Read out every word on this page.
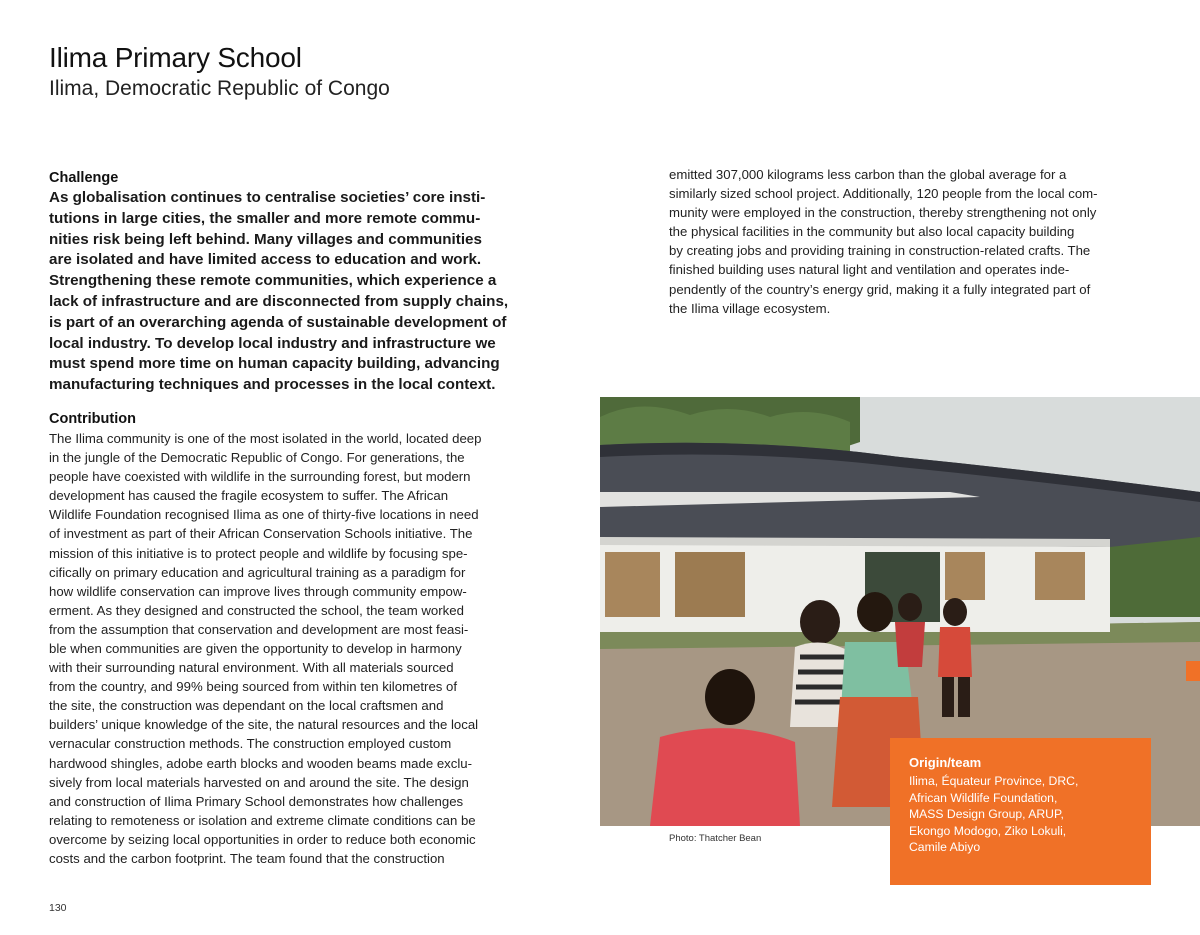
Ilima Primary School
Ilima, Democratic Republic of Congo
Challenge
As globalisation continues to centralise societies’ core insti-
tutions in large cities, the smaller and more remote commu-
nities risk being left behind. Many villages and communities
are isolated and have limited access to education and work.
Strengthening these remote communities, which experience a
lack of infrastructure and are disconnected from supply chains,
is part of an overarching agenda of sustainable development of
local industry. To develop local industry and infrastructure we
must spend more time on human capacity building, advancing
manufacturing techniques and processes in the local context.
Contribution
The Ilima community is one of the most isolated in the world, located deep
in the jungle of the Democratic Republic of Congo. For generations, the
people have coexisted with wildlife in the surrounding forest, but modern
development has caused the fragile ecosystem to suffer. The African
Wildlife Foundation recognised Ilima as one of thirty-five locations in need
of investment as part of their African Conservation Schools initiative. The
mission of this initiative is to protect people and wildlife by focusing spe-
cifically on primary education and agricultural training as a paradigm for
how wildlife conservation can improve lives through community empow-
erment. As they designed and constructed the school, the team worked
from the assumption that conservation and development are most feasi-
ble when communities are given the opportunity to develop in harmony
with their surrounding natural environment. With all materials sourced
from the country, and 99% being sourced from within ten kilometres of
the site, the construction was dependant on the local craftsmen and
builders’ unique knowledge of the site, the natural resources and the local
vernacular construction methods. The construction employed custom
hardwood shingles, adobe earth blocks and wooden beams made exclu-
sively from local materials harvested on and around the site. The design
and construction of Ilima Primary School demonstrates how challenges
relating to remoteness or isolation and extreme climate conditions can be
overcome by seizing local opportunities in order to reduce both economic
costs and the carbon footprint. The team found that the construction
emitted 307,000 kilograms less carbon than the global average for a
similarly sized school project. Additionally, 120 people from the local com-
munity were employed in the construction, thereby strengthening not only
the physical facilities in the community but also local capacity building
by creating jobs and providing training in construction-related crafts. The
finished building uses natural light and ventilation and operates inde-
pendently of the country’s energy grid, making it a fully integrated part of
the Ilima village ecosystem.
Photo: Thatcher Bean
Origin/team
Ilima, Équateur Province, DRC,
African Wildlife Foundation,
MASS Design Group, ARUP,
Ekongo Modogo, Ziko Lokuli,
Camile Abiyo
130
